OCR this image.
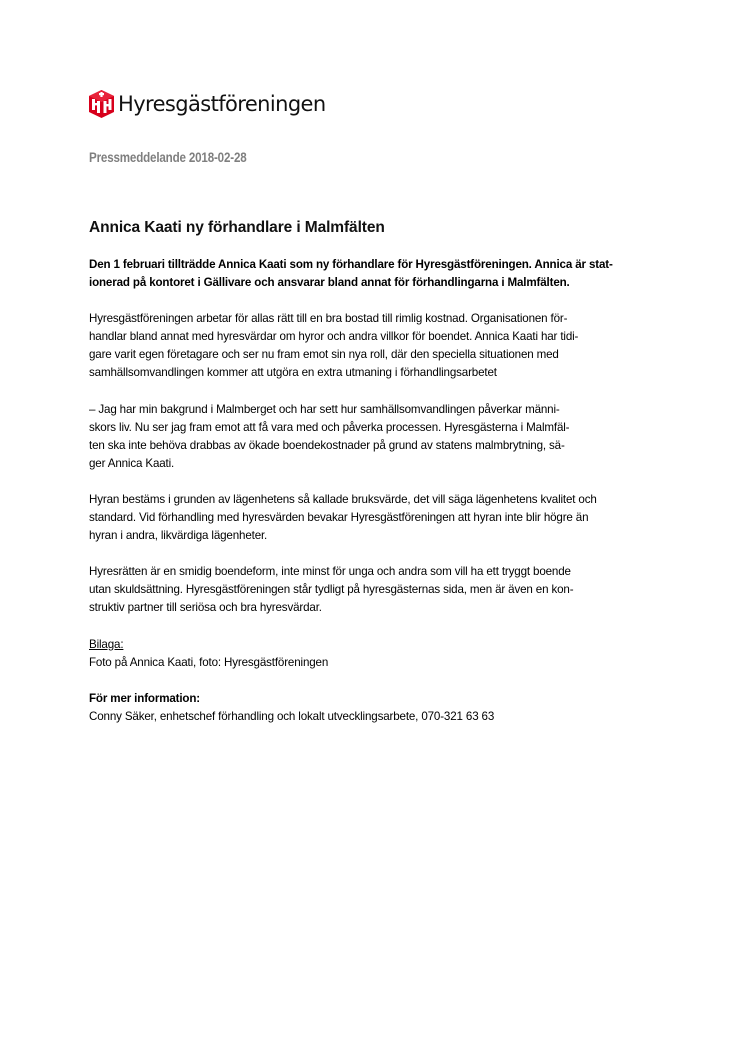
Hyresgästföreningen
Pressmeddelande 2018-02-28
Annica Kaati ny förhandlare i Malmfälten

Den 1 februari tillträdde Annica Kaati som ny förhandlare för Hyresgästföreningen. Annica är stat-
ionerad på kontoret i Gällivare och ansvarar bland annat för förhandlingarna i Malmfälten.

Hyresgästföreningen arbetar för allas rätt till en bra bostad till rimlig kostnad. Organisationen för-
handlar bland annat med hyresvärdar om hyror och andra villkor för boendet. Annica Kaati har tidi-
gare varit egen företagare och ser nu fram emot sin nya roll, där den speciella situationen med
samhällsomvandlingen kommer att utgöra en extra utmaning i förhandlingsarbetet

– Jag har min bakgrund i Malmberget och har sett hur samhällsomvandlingen påverkar männi-
skors liv. Nu ser jag fram emot att få vara med och påverka processen. Hyresgästerna i Malmfäl-
ten ska inte behöva drabbas av ökade boendekostnader på grund av statens malmbrytning, sä-
ger Annica Kaati.

Hyran bestäms i grunden av lägenhetens så kallade bruksvärde, det vill säga lägenhetens kvalitet och
standard. Vid förhandling med hyresvärden bevakar Hyresgästföreningen att hyran inte blir högre än
hyran i andra, likvärdiga lägenheter.

Hyresrätten är en smidig boendeform, inte minst för unga och andra som vill ha ett tryggt boende
utan skuldsättning. Hyresgästföreningen står tydligt på hyresgästernas sida, men är även en kon-
struktiv partner till seriösa och bra hyresvärdar.

Bilaga:
Foto på Annica Kaati, foto: Hyresgästföreningen

För mer information:
Conny Säker, enhetschef förhandling och lokalt utvecklingsarbete, 070-321 63 63
